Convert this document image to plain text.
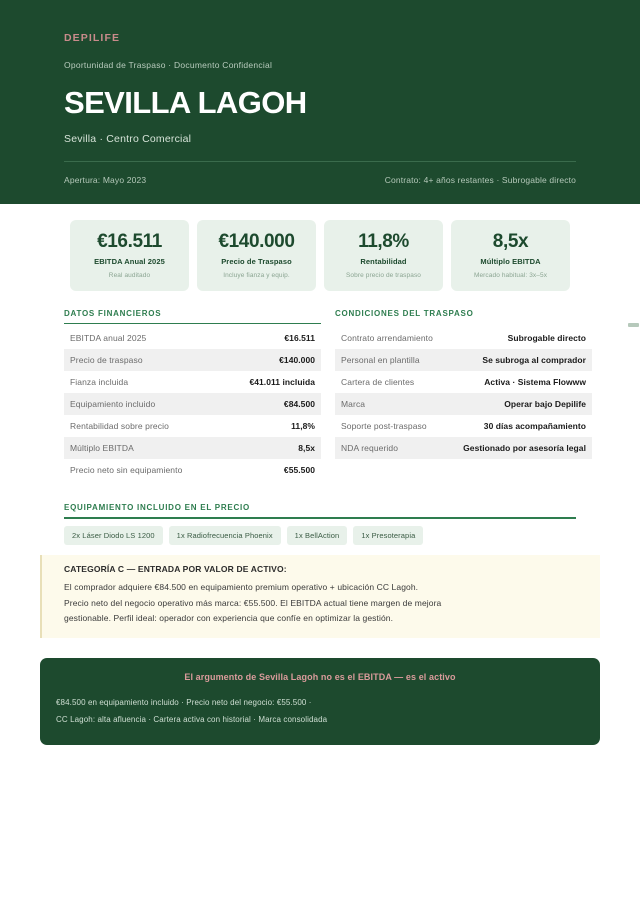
DEPILIFE
Oportunidad de Traspaso · Documento Confidencial
SEVILLA LAGOH
Sevilla · Centro Comercial
Apertura: Mayo 2023	Contrato: 4+ años restantes · Subrogable directo
€16.511
EBITDA Anual 2025
Real auditado
€140.000
Precio de Traspaso
Incluye fianza y equip.
11,8%
Rentabilidad
Sobre precio de traspaso
8,5x
Múltiplo EBITDA
Mercado habitual: 3x–5x
DATOS FINANCIEROS
EBITDA anual 2025	€16.511
Precio de traspaso	€140.000
Fianza incluida	€41.011 incluida
Equipamiento incluido	€84.500
Rentabilidad sobre precio	11,8%
Múltiplo EBITDA	8,5x
Precio neto sin equipamiento	€55.500
CONDICIONES DEL TRASPASO
Contrato arrendamiento	Subrogable directo
Personal en plantilla	Se subroga al comprador
Cartera de clientes	Activa · Sistema Flowww
Marca	Operar bajo Depilife
Soporte post-traspaso	30 días acompañamiento
NDA requerido	Gestionado por asesoría legal
EQUIPAMIENTO INCLUIDO EN EL PRECIO
2x Láser Diodo LS 1200	1x Radiofrecuencia Phoenix	1x BellAction	1x Presoterapia
CATEGORÍA C — ENTRADA POR VALOR DE ACTIVO:
El comprador adquiere €84.500 en equipamiento premium operativo + ubicación CC Lagoh.
Precio neto del negocio operativo más marca: €55.500. El EBITDA actual tiene margen de mejora
gestionable. Perfil ideal: operador con experiencia que confíe en optimizar la gestión.
El argumento de Sevilla Lagoh no es el EBITDA — es el activo
€84.500 en equipamiento incluido · Precio neto del negocio: €55.500 ·
CC Lagoh: alta afluencia · Cartera activa con historial · Marca consolidada
